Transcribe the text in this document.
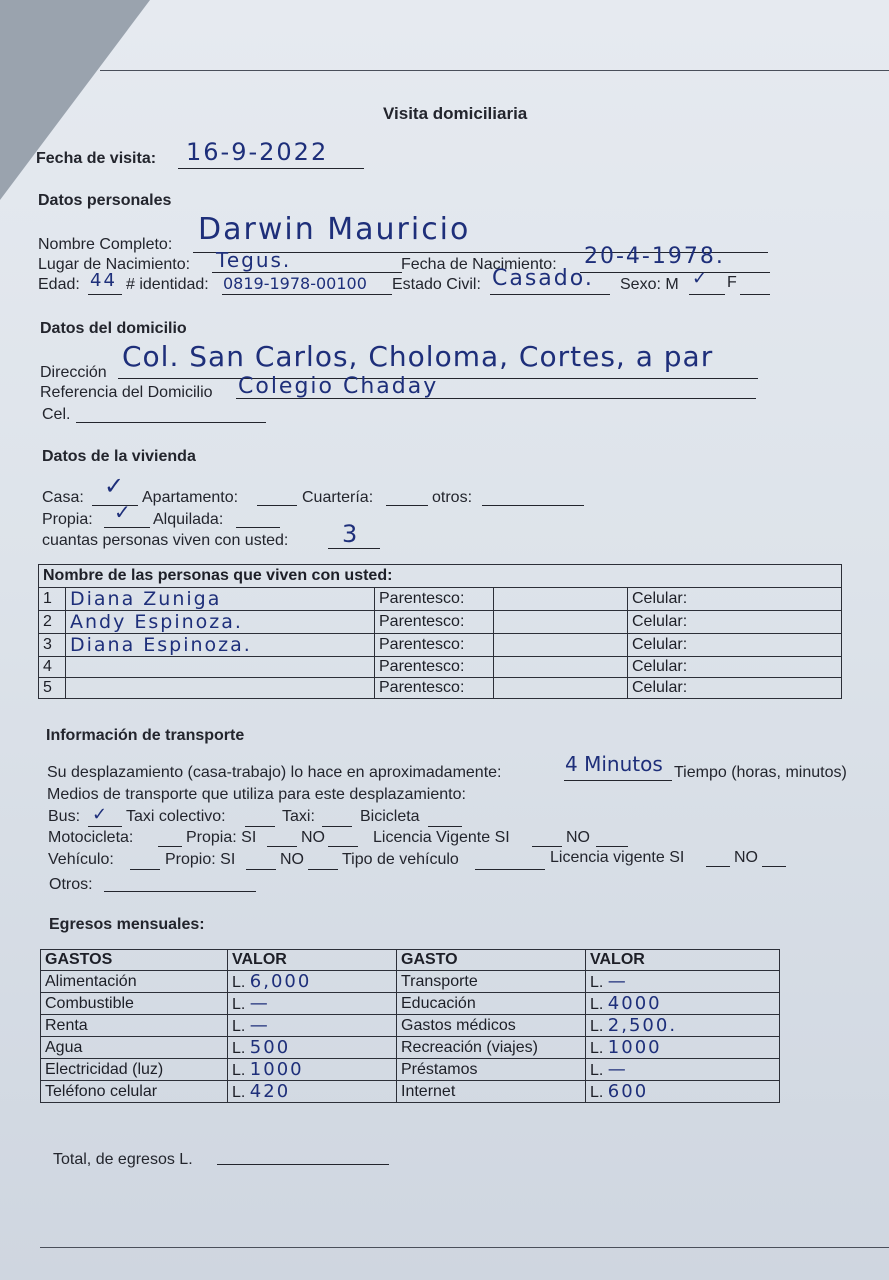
Visita domiciliaria
Fecha de visita: 16-9-2022
Datos personales
Nombre Completo: Darwin Mauricio
Lugar de Nacimiento: Tegus.	Fecha de Nacimiento: 20-4-1978.
Edad: 44 # identidad: 0819-1978-00100 Estado Civil: Casado. Sexo: M ✓ F
Datos del domicilio
Dirección Col. San Carlos, Choloma, Cortes, a par
Referencia del Domicilio Colegio Chaday
Cel.
Datos de la vivienda
Casa: ✓ Apartamento:	Cuartería:	otros:
Propia: ✓ Alquilada:
cuantas personas viven con usted: 3
Nombre de las personas que viven con usted:				
1	Diana Zuniga	Parentesco:		Celular:
2	Andy Espinoza.	Parentesco:		Celular:
3	Diana Espinoza.	Parentesco:		Celular:
4		Parentesco:		Celular:
5		Parentesco:		Celular:
Información de transporte
Su desplazamiento (casa-trabajo) lo hace en aproximadamente:	4 Minutos Tiempo (horas, minutos)
Medios de transporte que utiliza para este desplazamiento:
Bus: ✓ Taxi colectivo:	Taxi:	Bicicleta
Motocicleta:	Propia: SI	NO	Licencia Vigente SI	NO
Vehículo:	Propio: SI	NO Tipo de vehículo	Licencia vigente SI	NO
Otros:
Egresos mensuales:
GASTOS	VALOR	GASTO	VALOR
Alimentación	L. 6,000	Transporte	L. —
Combustible	L. —	Educación	L. 4000
Renta	L. —	Gastos médicos	L. 2,500.
Agua	L. 500	Recreación (viajes)	L. 1000
Electricidad (luz)	L. 1000	Préstamos	L. —
Teléfono celular	L. 420	Internet	L. 600
Total, de egresos L.
